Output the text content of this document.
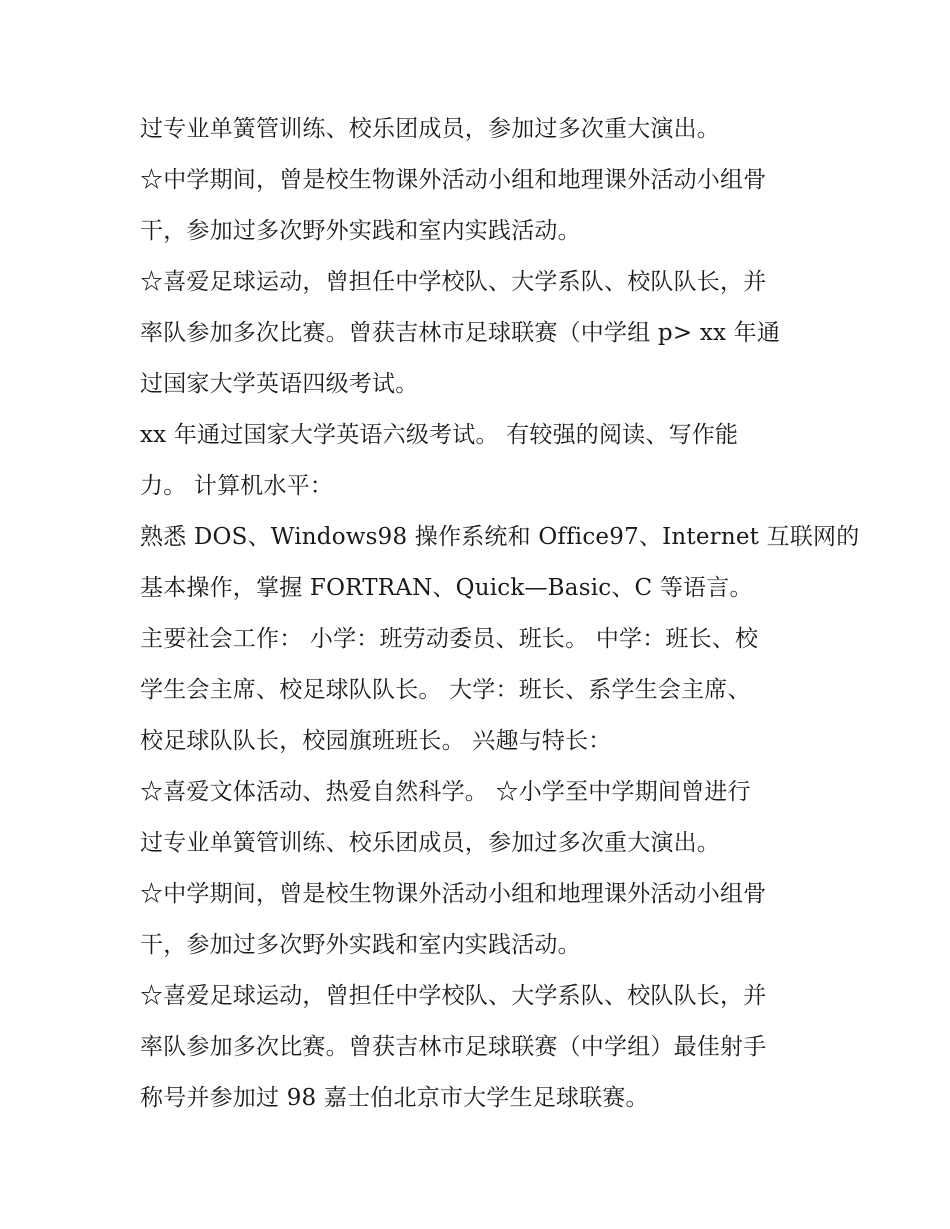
过专业单簧管训练、校乐团成员，参加过多次重大演出。
☆中学期间，曾是校生物课外活动小组和地理课外活动小组骨
干，参加过多次野外实践和室内实践活动。
☆喜爱足球运动，曾担任中学校队、大学系队、校队队长，并
率队参加多次比赛。曾获吉林市足球联赛（中学组 p> xx 年通
过国家大学英语四级考试。
xx 年通过国家大学英语六级考试。 有较强的阅读、写作能
力。 计算机水平：
熟悉 DOS、Windows98 操作系统和 Office97、Internet 互联网的
基本操作，掌握 FORTRAN、Quick—Basic、C 等语言。
主要社会工作： 小学：班劳动委员、班长。 中学：班长、校
学生会主席、校足球队队长。 大学：班长、系学生会主席、
校足球队队长，校园旗班班长。 兴趣与特长：
☆喜爱文体活动、热爱自然科学。 ☆小学至中学期间曾进行
过专业单簧管训练、校乐团成员，参加过多次重大演出。
☆中学期间，曾是校生物课外活动小组和地理课外活动小组骨
干，参加过多次野外实践和室内实践活动。
☆喜爱足球运动，曾担任中学校队、大学系队、校队队长，并
率队参加多次比赛。曾获吉林市足球联赛（中学组）最佳射手
称号并参加过 98 嘉士伯北京市大学生足球联赛。
